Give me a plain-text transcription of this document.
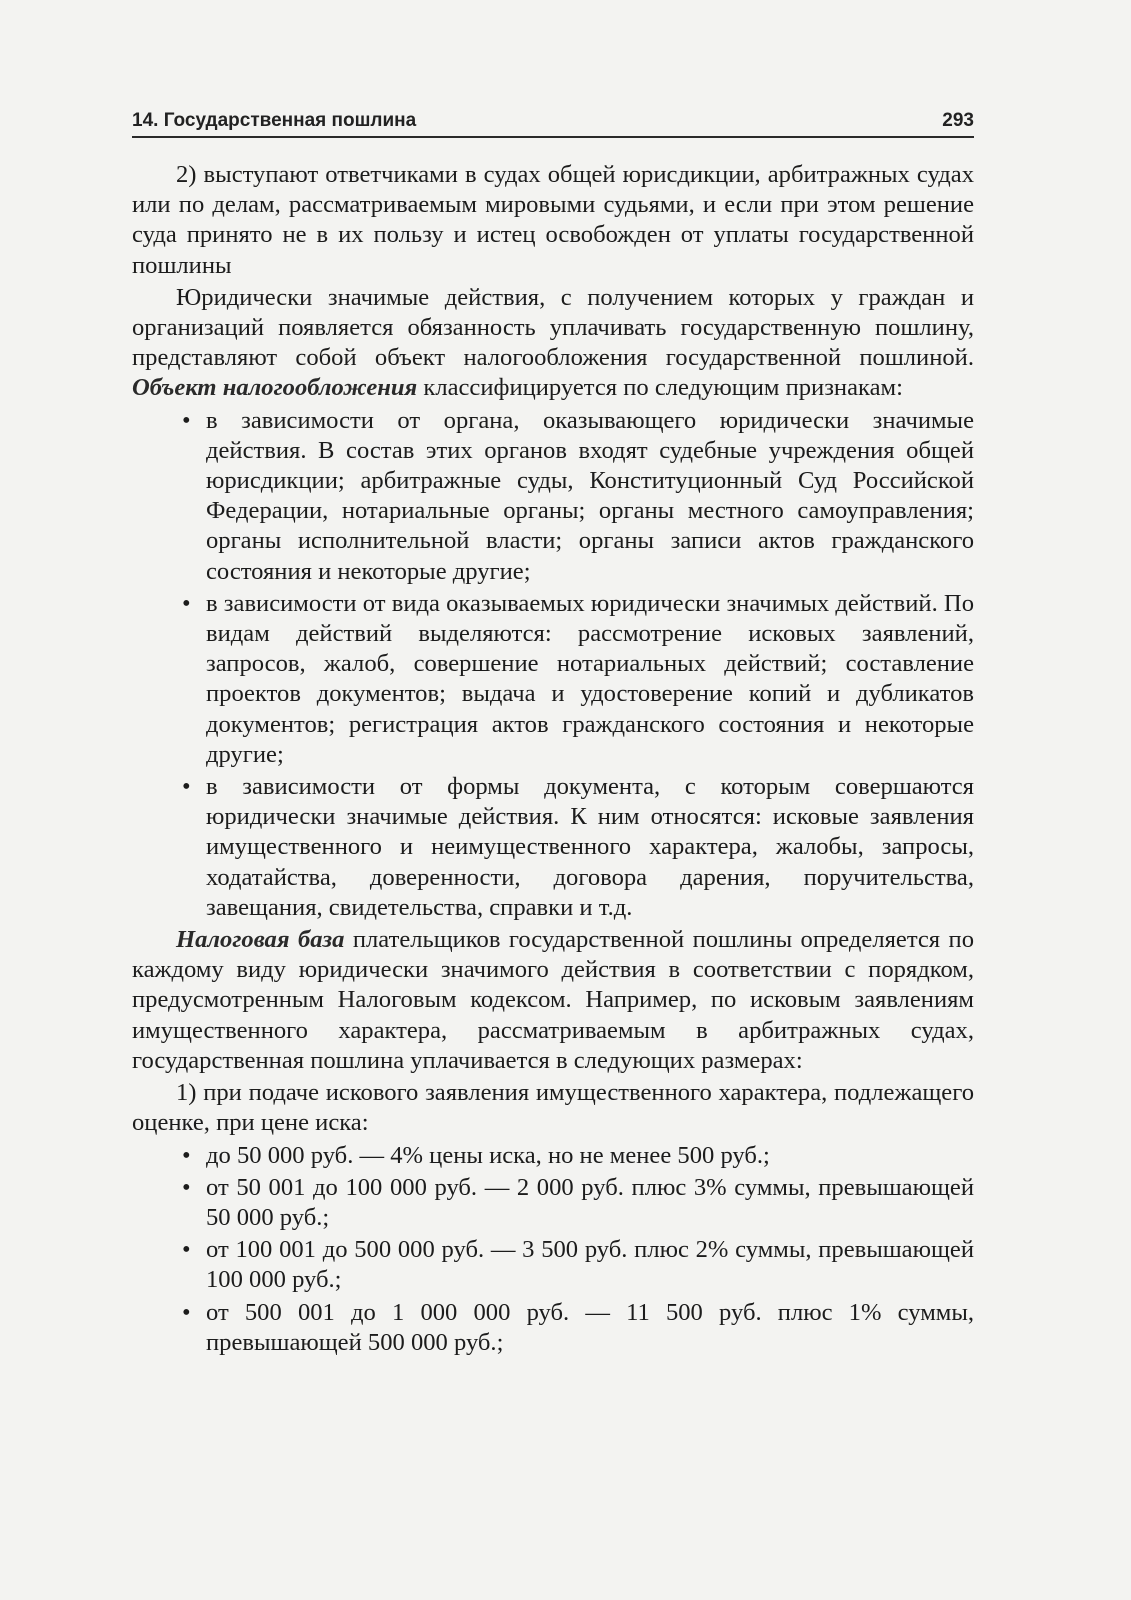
14. Государственная пошлина	293

2) выступают ответчиками в судах общей юрисдикции, арбитражных судах или по делам, рассматриваемым мировыми судьями, и если при этом решение суда принято не в их пользу и истец освобожден от уплаты государственной пошлины

Юридически значимые действия, с получением которых у граждан и организаций появляется обязанность уплачивать государственную пошлину, представляют собой объект налогообложения государственной пошлиной. Объект налогообложения классифицируется по следующим признакам:

• в зависимости от органа, оказывающего юридически значимые действия. В состав этих органов входят судебные учреждения общей юрисдикции; арбитражные суды, Конституционный Суд Российской Федерации, нотариальные органы; органы местного самоуправления; органы исполнительной власти; органы записи актов гражданского состояния и некоторые другие;
• в зависимости от вида оказываемых юридически значимых действий. По видам действий выделяются: рассмотрение исковых заявлений, запросов, жалоб, совершение нотариальных действий; составление проектов документов; выдача и удостоверение копий и дубликатов документов; регистрация актов гражданского состояния и некоторые другие;
• в зависимости от формы документа, с которым совершаются юридически значимые действия. К ним относятся: исковые заявления имущественного и неимущественного характера, жалобы, запросы, ходатайства, доверенности, договора дарения, поручительства, завещания, свидетельства, справки и т.д.

Налоговая база плательщиков государственной пошлины определяется по каждому виду юридически значимого действия в соответствии с порядком, предусмотренным Налоговым кодексом. Например, по исковым заявлениям имущественного характера, рассматриваемым в арбитражных судах, государственная пошлина уплачивается в следующих размерах:

1) при подаче искового заявления имущественного характера, подлежащего оценке, при цене иска:

• до 50 000 руб. — 4% цены иска, но не менее 500 руб.;
• от 50 001 до 100 000 руб. — 2 000 руб. плюс 3% суммы, превышающей 50 000 руб.;
• от 100 001 до 500 000 руб. — 3 500 руб. плюс 2% суммы, превышающей 100 000 руб.;
• от 500 001 до 1 000 000 руб. — 11 500 руб. плюс 1% суммы, превышающей 500 000 руб.;
